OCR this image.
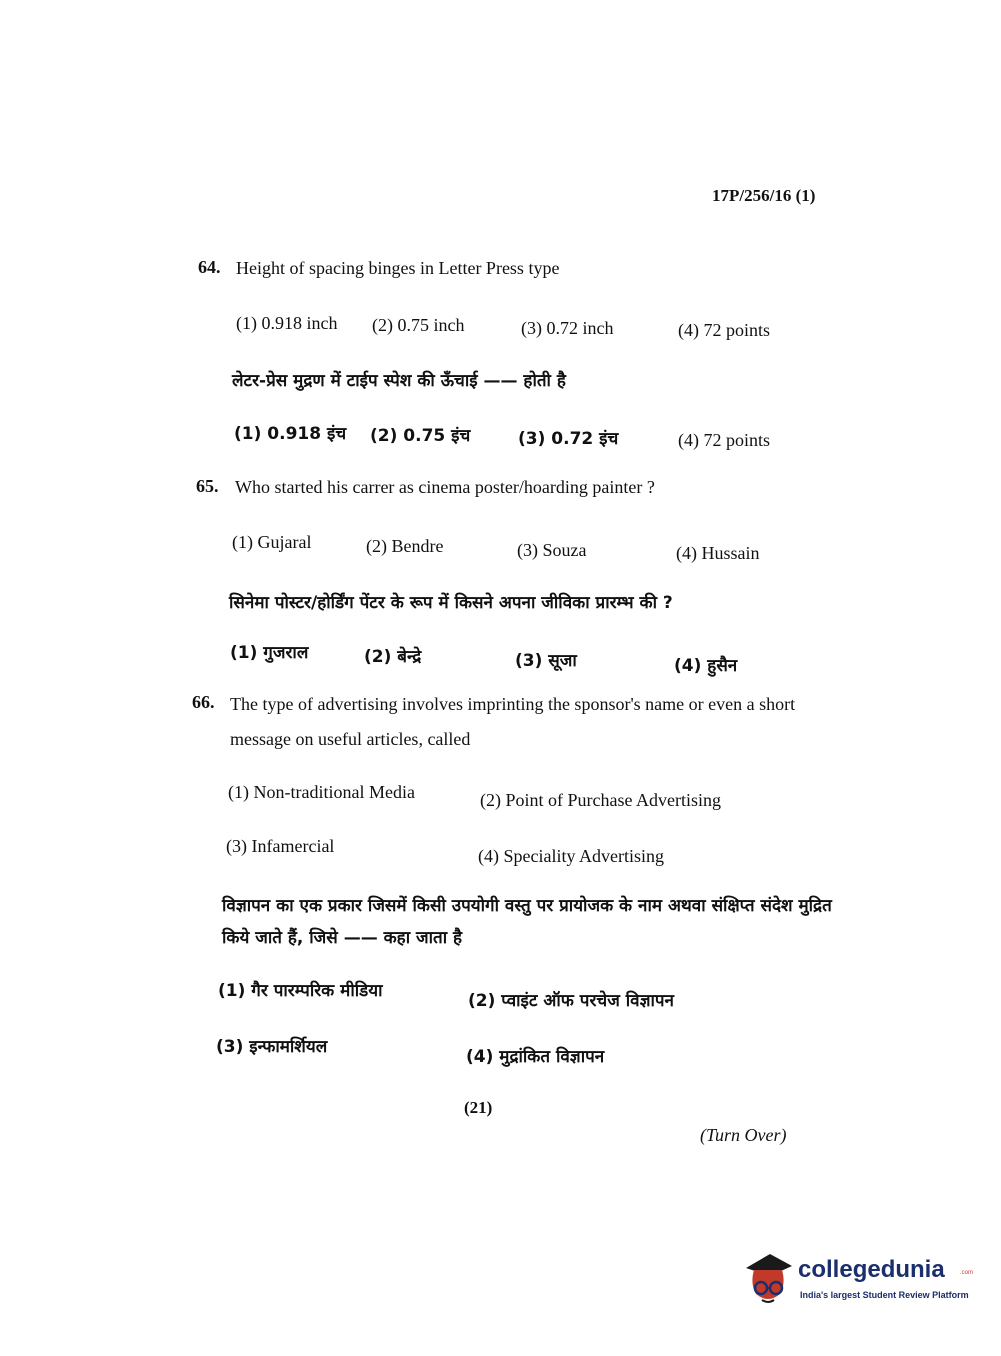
17P/256/16 (1)
64. Height of spacing binges in Letter Press type
(1) 0.918 inch (2) 0.75 inch	(3) 0.72 inch	(4) 72 points
लेटर-प्रेस मुद्रण में टाईप स्पेश की ऊँचाई —— होती है
(1) 0.918 इंच (2) 0.75 इंच	(3) 0.72 इंच	(4) 72 points
65. Who started his carrer as cinema poster/hoarding painter ?
(1) Gujaral	(2) Bendre	(3) Souza	(4) Hussain
सिनेमा पोस्टर/होर्डिंग पेंटर के रूप में किसने अपना जीविका प्रारम्भ की ?
(1) गुजराल	(2) बेन्द्रे	(3) सूजा	(4) हुसैन
66. The type of advertising involves imprinting the sponsor's name or even a short
message on useful articles, called
(1) Non-traditional Media	(2) Point of Purchase Advertising
(3) Infamercial	(4) Speciality Advertising
विज्ञापन का एक प्रकार जिसमें किसी उपयोगी वस्तु पर प्रायोजक के नाम अथवा संक्षिप्त संदेश मुद्रित
किये जाते हैं, जिसे —— कहा जाता है
(1) गैर पारम्परिक मीडिया	(2) प्वाइंट ऑफ परचेज विज्ञापन
(3) इन्फामर्शियल	(4) मुद्रांकित विज्ञापन
(21)
(Turn Over)
collegedunia	.com
India's largest Student Review Platform
